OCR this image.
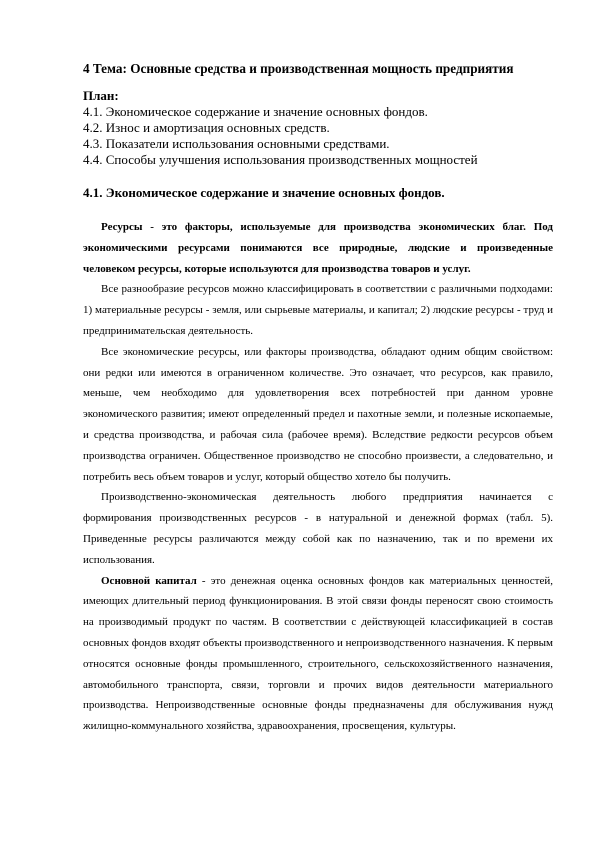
4 Тема: Основные средства и производственная мощность предприятия

План:

4.1. Экономическое содержание и значение основных фондов.

4.2. Износ и амортизация основных средств.

4.3. Показатели использования основными средствами.

4.4. Способы улучшения использования производственных мощностей

4.1. Экономическое содержание и значение основных фондов.

Ресурсы - это факторы, используемые для производства экономических благ. Под экономическими ресурсами понимаются все природные, людские и произведенные человеком ресурсы, которые используются для производства товаров и услуг.

Все разнообразие ресурсов можно классифицировать в соответствии с различными подходами: 1) материальные ресурсы - земля, или сырьевые материалы, и капитал; 2) людские ресурсы - труд и предпринимательская деятельность.

Все экономические ресурсы, или факторы производства, обладают одним общим свойством: они редки или имеются в ограниченном количестве. Это означает, что ресурсов, как правило, меньше, чем необходимо для удовлетворения всех потребностей при данном уровне экономического развития; имеют определенный предел и пахотные земли, и полезные ископаемые, и средства производства, и рабочая сила (рабочее время). Вследствие редкости ресурсов объем производства ограничен. Общественное производство не способно произвести, а следовательно, и потребить весь объем товаров и услуг, который общество хотело бы получить.

Производственно-экономическая деятельность любого предприятия начинается с формирования производственных ресурсов - в натуральной и денежной формах (табл. 5). Приведенные ресурсы различаются между собой как по назначению, так и по времени их использования.

Основной капитал - это денежная оценка основных фондов как материальных ценностей, имеющих длительный период функционирования. В этой связи фонды переносят свою стоимость на производимый продукт по частям. В соответствии с действующей классификацией в состав основных фондов входят объекты производственного и непроизводственного назначения. К первым относятся основные фонды промышленного, строительного, сельскохозяйственного назначения, автомобильного транспорта, связи, торговли и прочих видов деятельности материального производства. Непроизводственные основные фонды предназначены для обслуживания нужд жилищно-коммунального хозяйства, здравоохранения, просвещения, культуры.
